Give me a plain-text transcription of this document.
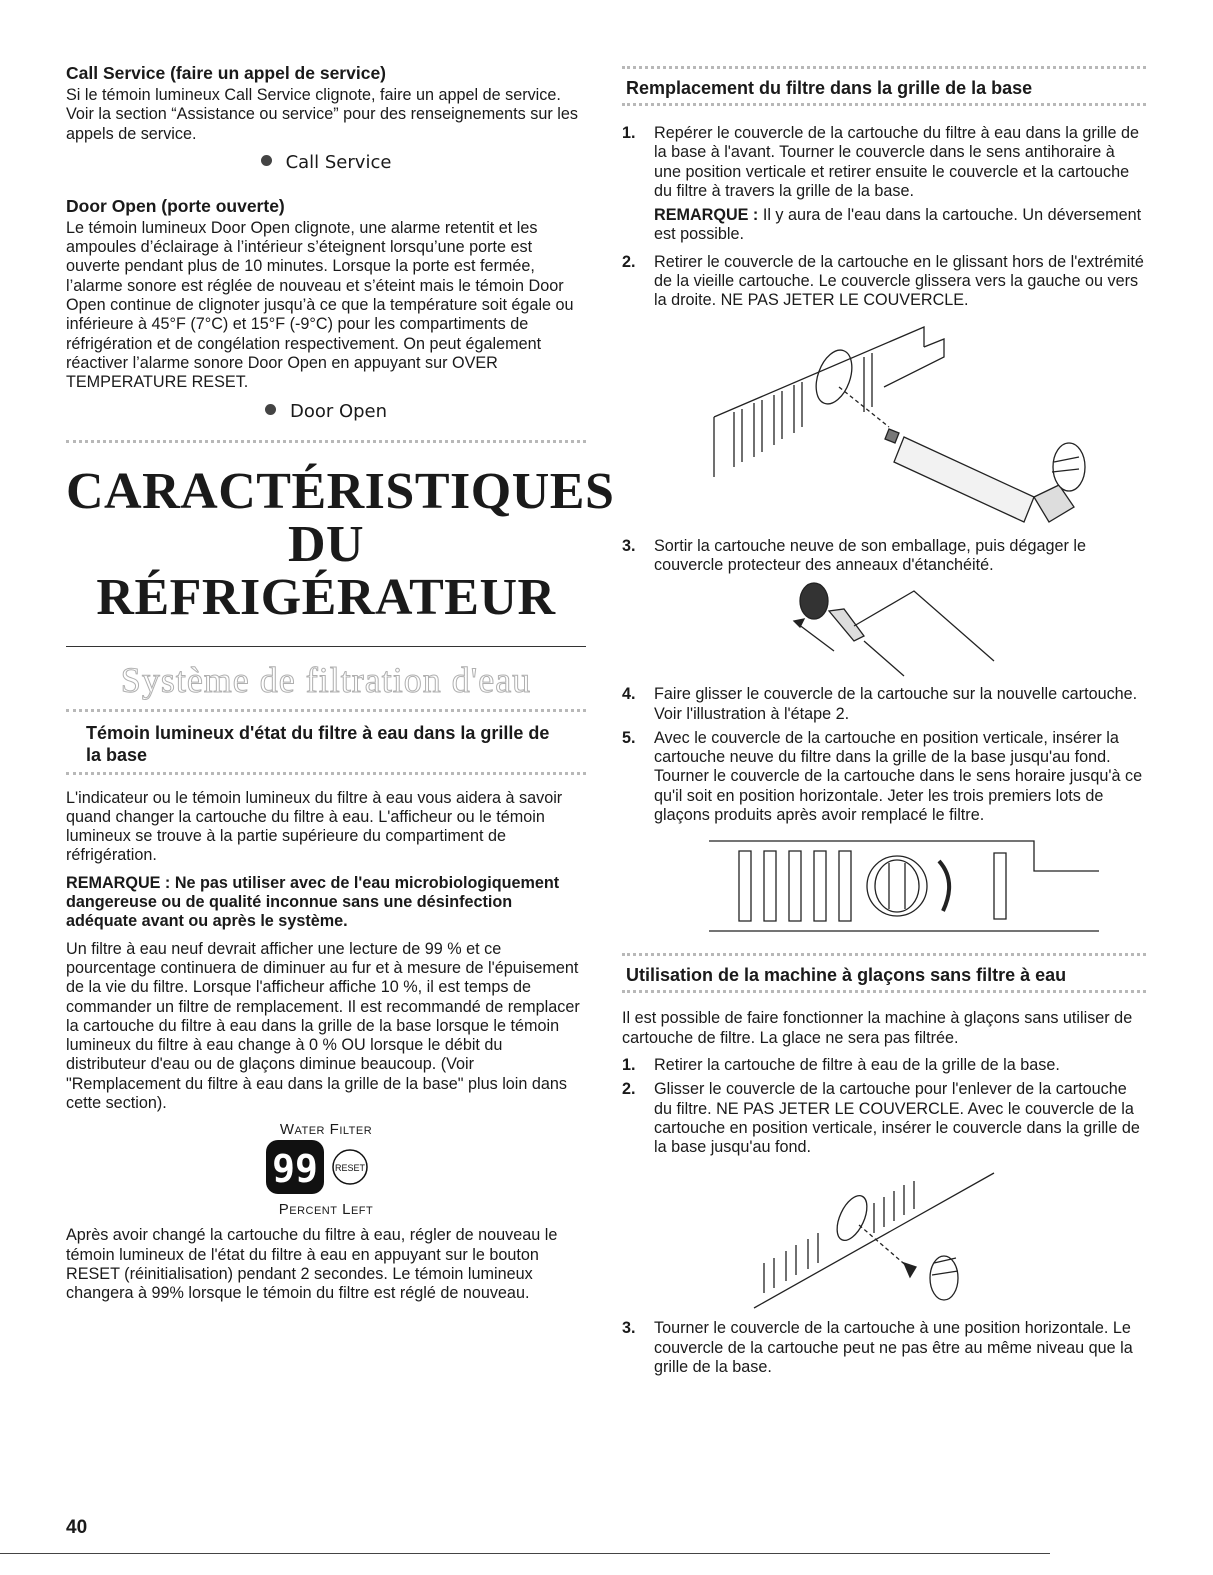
Call Service (faire un appel de service)

Si le témoin lumineux Call Service clignote, faire un appel de service. Voir la section “Assistance ou service” pour des renseignements sur les appels de service.

Call Service
Door Open (porte ouverte)

Le témoin lumineux Door Open clignote, une alarme retentit et les ampoules d’éclairage à l’intérieur s’éteignent lorsqu’une porte est ouverte pendant plus de 10 minutes. Lorsque la porte est fermée, l’alarme sonore est réglée de nouveau et s’éteint mais le témoin Door Open continue de clignoter jusqu’à ce que la température soit égale ou inférieure à 45°F (7°C) et 15°F (-9°C) pour les compartiments de réfrigération et de congélation respectivement. On peut également réactiver l’alarme sonore Door Open en appuyant sur OVER TEMPERATURE RESET.

Door Open
CARACTÉRISTIQUES
DU RÉFRIGÉRATEUR
Système de filtration d'eau
Témoin lumineux d'état du filtre à eau dans la grille de la base

L'indicateur ou le témoin lumineux du filtre à eau vous aidera à savoir quand changer la cartouche du filtre à eau. L'afficheur ou le témoin lumineux se trouve à la partie supérieure du compartiment de réfrigération.

REMARQUE : Ne pas utiliser avec de l'eau microbiologiquement dangereuse ou de qualité inconnue sans une désinfection adéquate avant ou après le système.

Un filtre à eau neuf devrait afficher une lecture de 99 % et ce pourcentage continuera de diminuer au fur et à mesure de l'épuisement de la vie du filtre. Lorsque l'afficheur affiche 10 %, il est temps de commander un filtre de remplacement. Il est recommandé de remplacer la cartouche du filtre à eau dans la grille de la base lorsque le témoin lumineux du filtre à eau change à 0 % OU lorsque le débit du distributeur d'eau ou de glaçons diminue beaucoup. (Voir "Remplacement du filtre à eau dans la grille de la base" plus loin dans cette section).

Water Filter
99 RESET
Percent Left

Après avoir changé la cartouche du filtre à eau, régler de nouveau le témoin lumineux de l'état du filtre à eau en appuyant sur le bouton RESET (réinitialisation) pendant 2 secondes. Le témoin lumineux changera à 99% lorsque le témoin du filtre est réglé de nouveau.

Remplacement du filtre dans la grille de la base
1. Repérer le couvercle de la cartouche du filtre à eau dans la grille de la base à l'avant. Tourner le couvercle dans le sens antihoraire à une position verticale et retirer ensuite le couvercle et la cartouche du filtre à travers la grille de la base.
REMARQUE : Il y aura de l'eau dans la cartouche. Un déversement est possible.
2. Retirer le couvercle de la cartouche en le glissant hors de l'extrémité de la vieille cartouche. Le couvercle glissera vers la gauche ou vers la droite. NE PAS JETER LE COUVERCLE.
3. Sortir la cartouche neuve de son emballage, puis dégager le couvercle protecteur des anneaux d'étanchéité.
4. Faire glisser le couvercle de la cartouche sur la nouvelle cartouche. Voir l'illustration à l'étape 2.
5. Avec le couvercle de la cartouche en position verticale, insérer la cartouche neuve du filtre dans la grille de la base jusqu'au fond. Tourner le couvercle de la cartouche dans le sens horaire jusqu'à ce qu'il soit en position horizontale. Jeter les trois premiers lots de glaçons produits après avoir remplacé le filtre.
Utilisation de la machine à glaçons sans filtre à eau

Il est possible de faire fonctionner la machine à glaçons sans utiliser de cartouche de filtre. La glace ne sera pas filtrée.

1. Retirer la cartouche de filtre à eau de la grille de la base.
2. Glisser le couvercle de la cartouche pour l'enlever de la cartouche du filtre. NE PAS JETER LE COUVERCLE. Avec le couvercle de la cartouche en position verticale, insérer le couvercle dans la grille de la base jusqu'au fond.
3. Tourner le couvercle de la cartouche à une position horizontale. Le couvercle de la cartouche peut ne pas être au même niveau que la grille de la base.
40
